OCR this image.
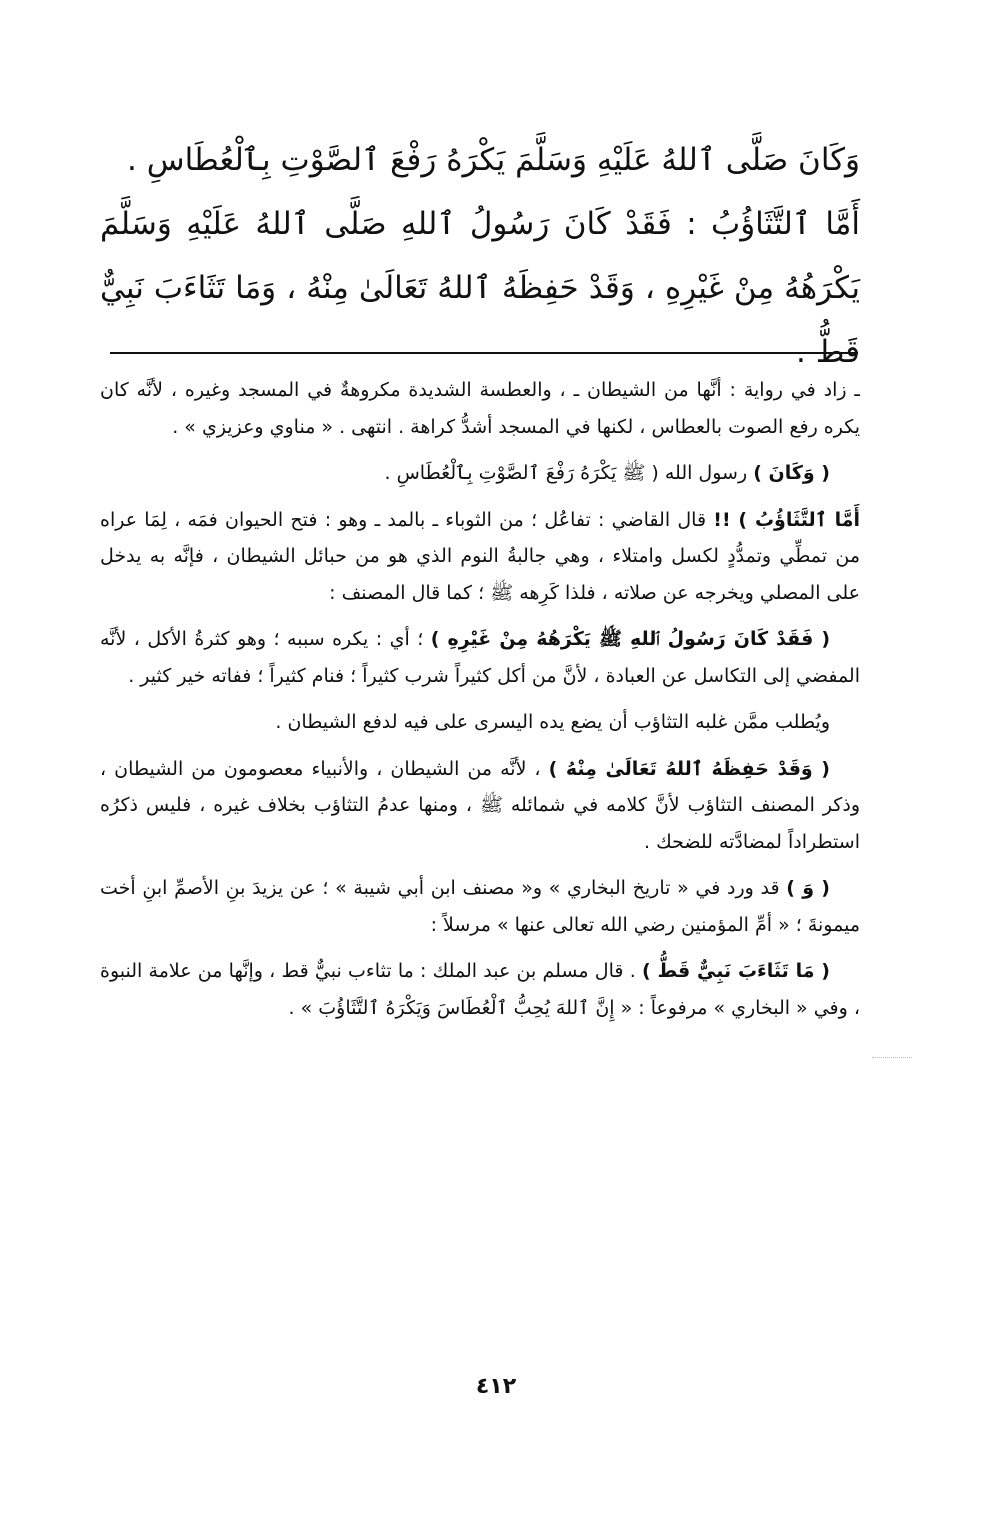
وَكَانَ صَلَّى ٱللهُ عَلَيْهِ وَسَلَّمَ يَكْرَهُ رَفْعَ ٱلصَّوْتِ بِٱلْعُطَاسِ .

أَمَّا ٱلتَّثَاؤُبُ : فَقَدْ كَانَ رَسُولُ ٱللهِ صَلَّى ٱللهُ عَلَيْهِ وَسَلَّمَ يَكْرَهُهُ مِنْ غَيْرِهِ ، وَقَدْ حَفِظَهُ ٱللهُ تَعَالَىٰ مِنْهُ ، وَمَا تَثَاءَبَ نَبِيٌّ قَطُّ .

ـ زاد في رواية : أنَّها من الشيطان ـ ، والعطسة الشديدة مكروهةٌ في المسجد وغيره ، لأنَّه كان يكره رفع الصوت بالعطاس ، لكنها في المسجد أشدُّ كراهة . انتهى . « مناوي وعزيزي » .

( وَكَانَ ) رسول الله ( ﷺ يَكْرَهُ رَفْعَ ٱلصَّوْتِ بِٱلْعُطَاسِ .

أَمَّا ٱلتَّثَاؤُبُ ) !! قال القاضي : تفاعُل ؛ من الثوباء ـ بالمد ـ وهو : فتح الحيوان فمَه ، لِمَا عراه من تمطِّي وتمدُّدٍ لكسل وامتلاء ، وهي جالبةُ النوم الذي هو من حبائل الشيطان ، فإنَّه به يدخل على المصلي ويخرجه عن صلاته ، فلذا كَرِهه ﷺ ؛ كما قال المصنف :

( فَقَدْ كَانَ رَسُولُ ٱللهِ ﷺ يَكْرَهُهُ مِنْ غَيْرِهِ ) ؛ أي : يكره سببه ؛ وهو كثرةُ الأكل ، لأنَّه المفضي إلى التكاسل عن العبادة ، لأنَّ من أكل كثيراً شرب كثيراً ؛ فنام كثيراً ؛ ففاته خير كثير .

ويُطلب ممَّن غلبه التثاؤب أن يضع يده اليسرى على فيه لدفع الشيطان .

( وَقَدْ حَفِظَهُ ٱللهُ تَعَالَىٰ مِنْهُ ) ، لأنَّه من الشيطان ، والأنبياء معصومون من الشيطان ، وذكر المصنف التثاؤب لأنَّ كلامه في شمائله ﷺ ، ومنها عدمُ التثاؤب بخلاف غيره ، فليس ذكرُه استطراداً لمضادَّته للضحك .

( وَ ) قد ورد في « تاريخ البخاري » و« مصنف ابن أبي شيبة » ؛ عن يزيدَ بنِ الأصمِّ ابنِ أخت ميمونةَ ؛ « أمِّ المؤمنين رضي الله تعالى عنها » مرسلاً :

( مَا تَثَاءَبَ نَبِيٌّ قَطُّ ) . قال مسلم بن عبد الملك : ما تثاءب نبيٌّ قط ، وإنَّها من علامة النبوة ، وفي « البخاري » مرفوعاً : « إِنَّ ٱللهَ يُحِبُّ ٱلْعُطَاسَ وَيَكْرَهُ ٱلتَّثَاؤُبَ » .

٤١٢
